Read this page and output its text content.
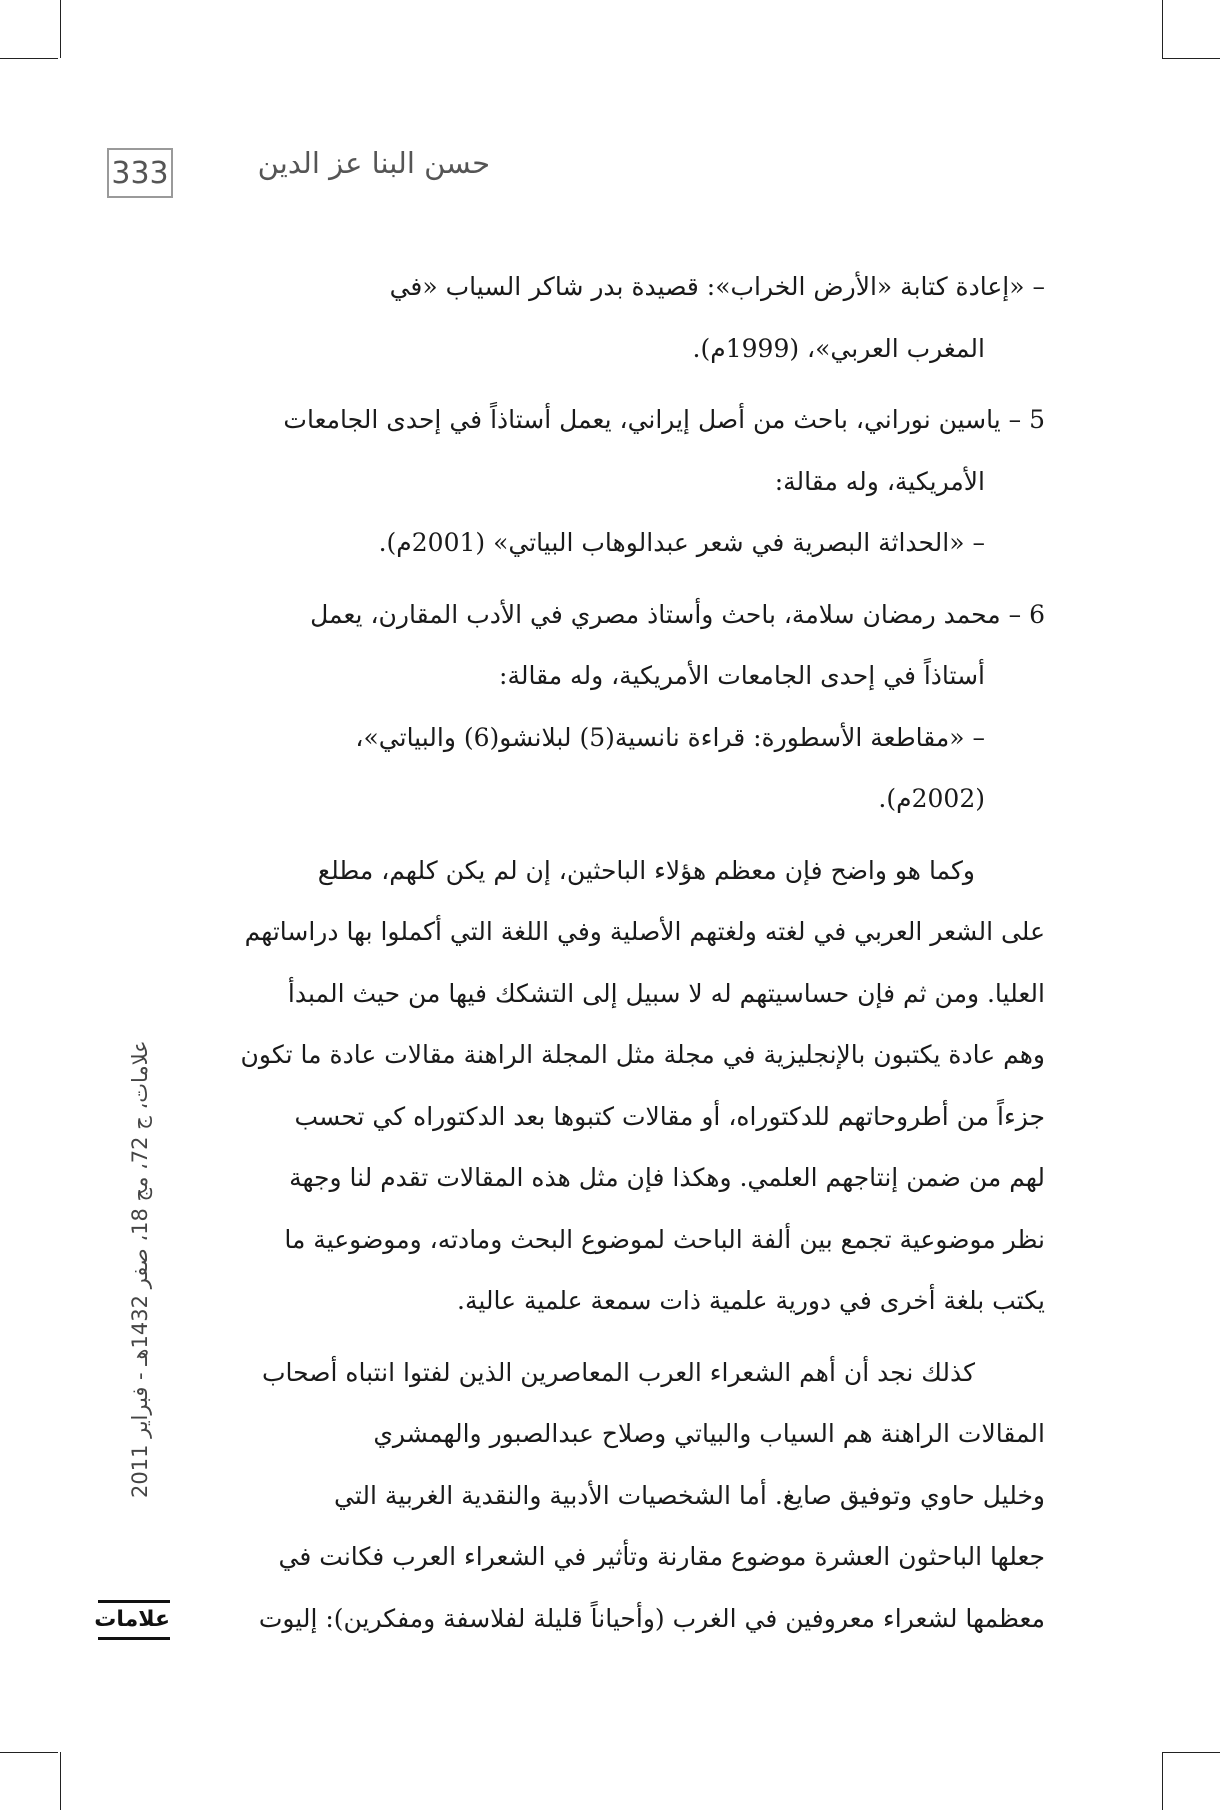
333	حسن البنا عز الدين

– «إعادة كتابة «الأرض الخراب»: قصيدة بدر شاكر السياب «في

المغرب العربي»، (1999م).

5 – ياسين نوراني، باحث من أصل إيراني، يعمل أستاذاً في إحدى الجامعات

الأمريكية، وله مقالة:

– «الحداثة البصرية في شعر عبدالوهاب البياتي» (2001م).

6 – محمد رمضان سلامة، باحث وأستاذ مصري في الأدب المقارن، يعمل

أستاذاً في إحدى الجامعات الأمريكية، وله مقالة:

– «مقاطعة الأسطورة: قراءة نانسية(5) لبلانشو(6) والبياتي»،

(2002م).

وكما هو واضح فإن معظم هؤلاء الباحثين، إن لم يكن كلهم، مطلع

على الشعر العربي في لغته ولغتهم الأصلية وفي اللغة التي أكملوا بها دراساتهم

العليا. ومن ثم فإن حساسيتهم له لا سبيل إلى التشكك فيها من حيث المبدأ

وهم عادة يكتبون بالإنجليزية في مجلة مثل المجلة الراهنة مقالات عادة ما تكون

جزءاً من أطروحاتهم للدكتوراه، أو مقالات كتبوها بعد الدكتوراه كي تحسب

لهم من ضمن إنتاجهم العلمي. وهكذا فإن مثل هذه المقالات تقدم لنا وجهة

نظر موضوعية تجمع بين ألفة الباحث لموضوع البحث ومادته، وموضوعية ما

يكتب بلغة أخرى في دورية علمية ذات سمعة علمية عالية.

كذلك نجد أن أهم الشعراء العرب المعاصرين الذين لفتوا انتباه أصحاب

المقالات الراهنة هم السياب والبياتي وصلاح عبدالصبور والهمشري

وخليل حاوي وتوفيق صايغ. أما الشخصيات الأدبية والنقدية الغربية التي

جعلها الباحثون العشرة موضوع مقارنة وتأثير في الشعراء العرب فكانت في

معظمها لشعراء معروفين في الغرب (وأحياناً قليلة لفلاسفة ومفكرين): إليوت

علامات، ج 72، مج 18، صفر 1432هـ - فبراير 2011
علامات
